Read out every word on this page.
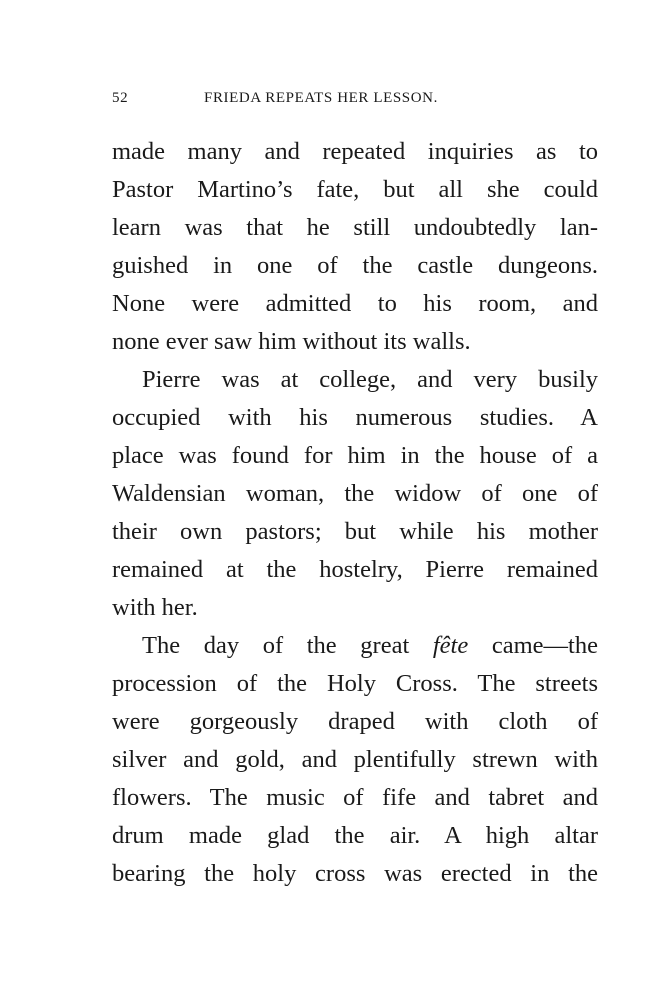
52	FRIEDA REPEATS HER LESSON.
made many and repeated inquiries as to
Pastor Martino’s fate, but all she could
learn was that he still undoubtedly lan-
guished in one of the castle dungeons.
None were admitted to his room, and
none ever saw him without its walls.
Pierre was at college, and very busily
occupied with his numerous studies. A
place was found for him in the house of a
Waldensian woman, the widow of one of
their own pastors; but while his mother
remained at the hostelry, Pierre remained
with her.
The day of the great fête came—the
procession of the Holy Cross. The streets
were gorgeously draped with cloth of
silver and gold, and plentifully strewn with
flowers. The music of fife and tabret and
drum made glad the air. A high altar
bearing the holy cross was erected in the
